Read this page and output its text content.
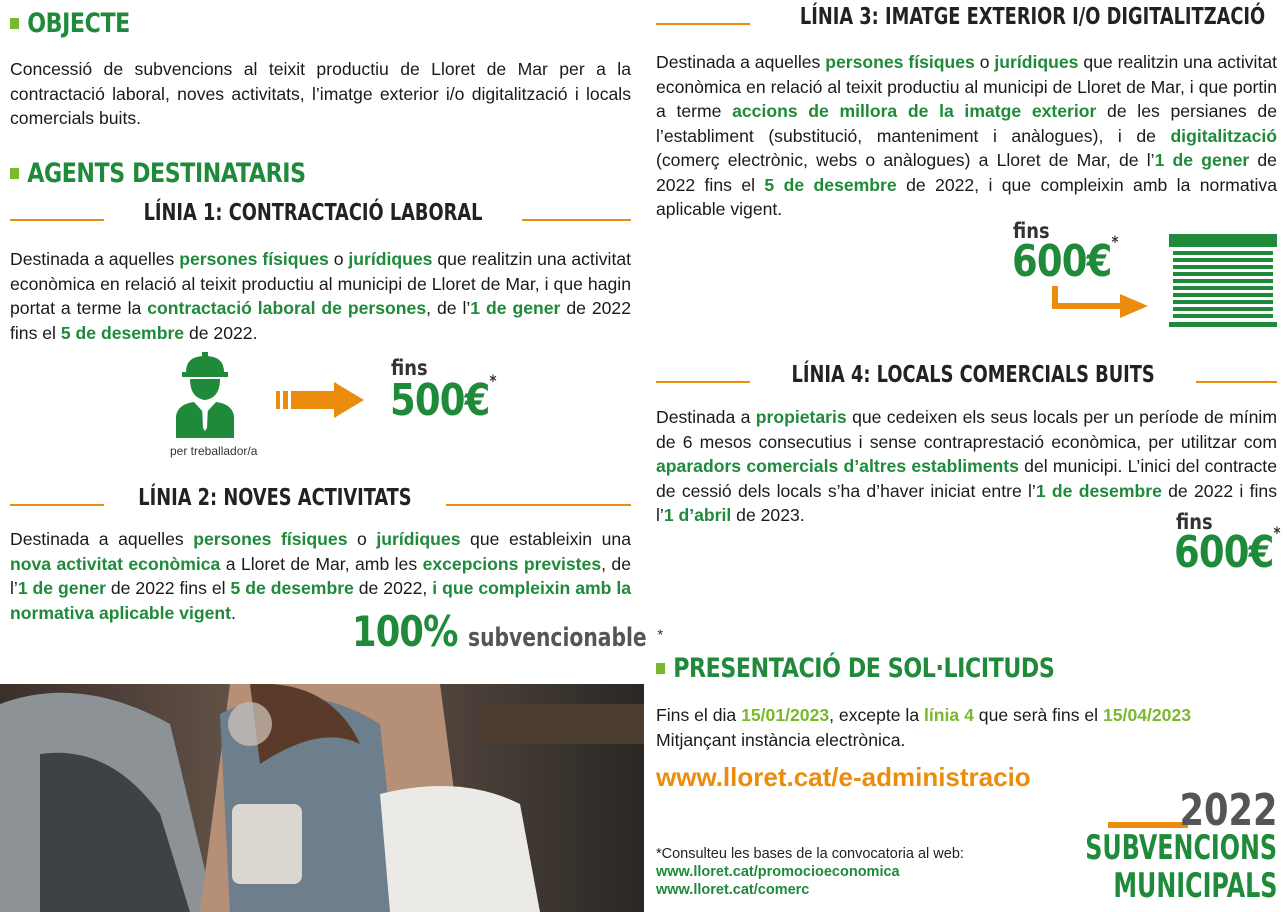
OBJECTE
Concessió de subvencions al teixit productiu de Lloret de Mar per a la contractació laboral, noves activitats, l’imatge exterior i/o digitalització i locals comercials buits.
AGENTS DESTINATARIS
LÍNIA 1: CONTRACTACIÓ LABORAL
Destinada a aquelles persones físiques o jurídiques que realitzin una activitat econòmica en relació al teixit productiu al municipi de Lloret de Mar, i que hagin portat a terme la contractació laboral de persones, de l’1 de gener de 2022 fins el 5 de desembre de 2022.
per treballador/a
fins
500€*
LÍNIA 2: NOVES ACTIVITATS
Destinada a aquelles persones físiques o jurídiques que estableixin una nova activitat econòmica a Lloret de Mar, amb les excepcions previstes, de l’1 de gener de 2022 fins el 5 de desembre de 2022, i que compleixin amb la normativa aplicable vigent.	100% subvencionable *
LÍNIA 3: IMATGE EXTERIOR I/O DIGITALITZACIÓ
Destinada a aquelles persones físiques o jurídiques que realitzin una activitat econòmica en relació al teixit productiu al municipi de Lloret de Mar, i que portin a terme accions de millora de la imatge exterior de les persianes de l’establiment (substitució, manteniment i anàlogues), i de digitalització (comerç electrònic, webs o anàlogues) a Lloret de Mar, de l’1 de gener de 2022 fins el 5 de desembre de 2022, i que compleixin amb la normativa aplicable vigent.
fins
600€*
LÍNIA 4: LOCALS COMERCIALS BUITS
Destinada a propietaris que cedeixen els seus locals per un període de mínim de 6 mesos consecutius i sense contraprestació econòmica, per utilitzar com aparadors comercials d’altres establiments del municipi. L’inici del contracte de cessió dels locals s’ha d’haver iniciat entre l’1 de desembre de 2022 i fins l’1 d’abril de 2023.	fins
600€*
PRESENTACIÓ DE SOL·LICITUDS
Fins el dia 15/01/2023, excepte la línia 4 que serà fins el 15/04/2023
Mitjançant instància electrònica.
www.lloret.cat/e-administracio
*Consulteu les bases de la convocatoria al web:
www.lloret.cat/promocioeconomica
www.lloret.cat/comerc
2022
SUBVENCIONS
MUNICIPALS
